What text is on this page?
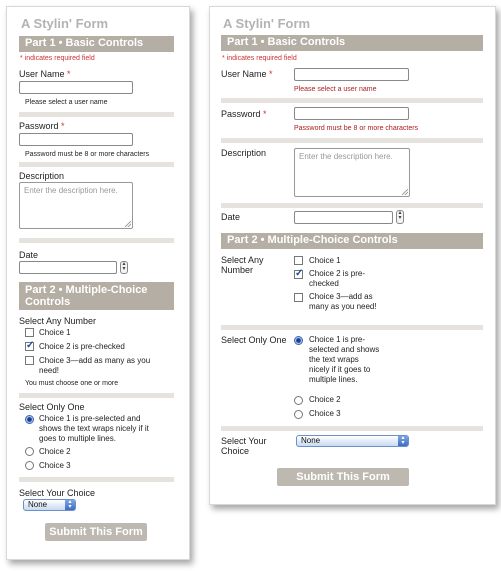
A Stylin' Form
Part 1 • Basic Controls
* indicates required field
User Name *
Please select a user name
Password *
Password must be 8 or more characters
Description
Enter the description here.
Date
▴
▾
Part 2 • Multiple-Choice Controls
Select Any Number
Choice 1
✓ Choice 2 is pre-checked
Choice 3—add as many as you need!
You must choose one or more
Select Only One
Choice 1 is pre-selected and shows the text wraps nicely if it goes to multiple lines.
Choice 2
Choice 3
Select Your Choice
None	▴
▾
Submit This Form
A Stylin' Form
Part 1 • Basic Controls
* indicates required field
User Name *
Please select a user name
Password *
Password must be 8 or more characters
Description	Enter the description here.
Date	▴
▾
Part 2 • Multiple-Choice Controls
Select Any Number
Choice 1
✓ Choice 2 is pre-checked
Choice 3—add as many as you need!
Select Only One	Choice 1 is pre-selected and shows the text wraps nicely if it goes to multiple lines.
Choice 2
Choice 3
Select Your Choice
None	▴
▾
Submit This Form
